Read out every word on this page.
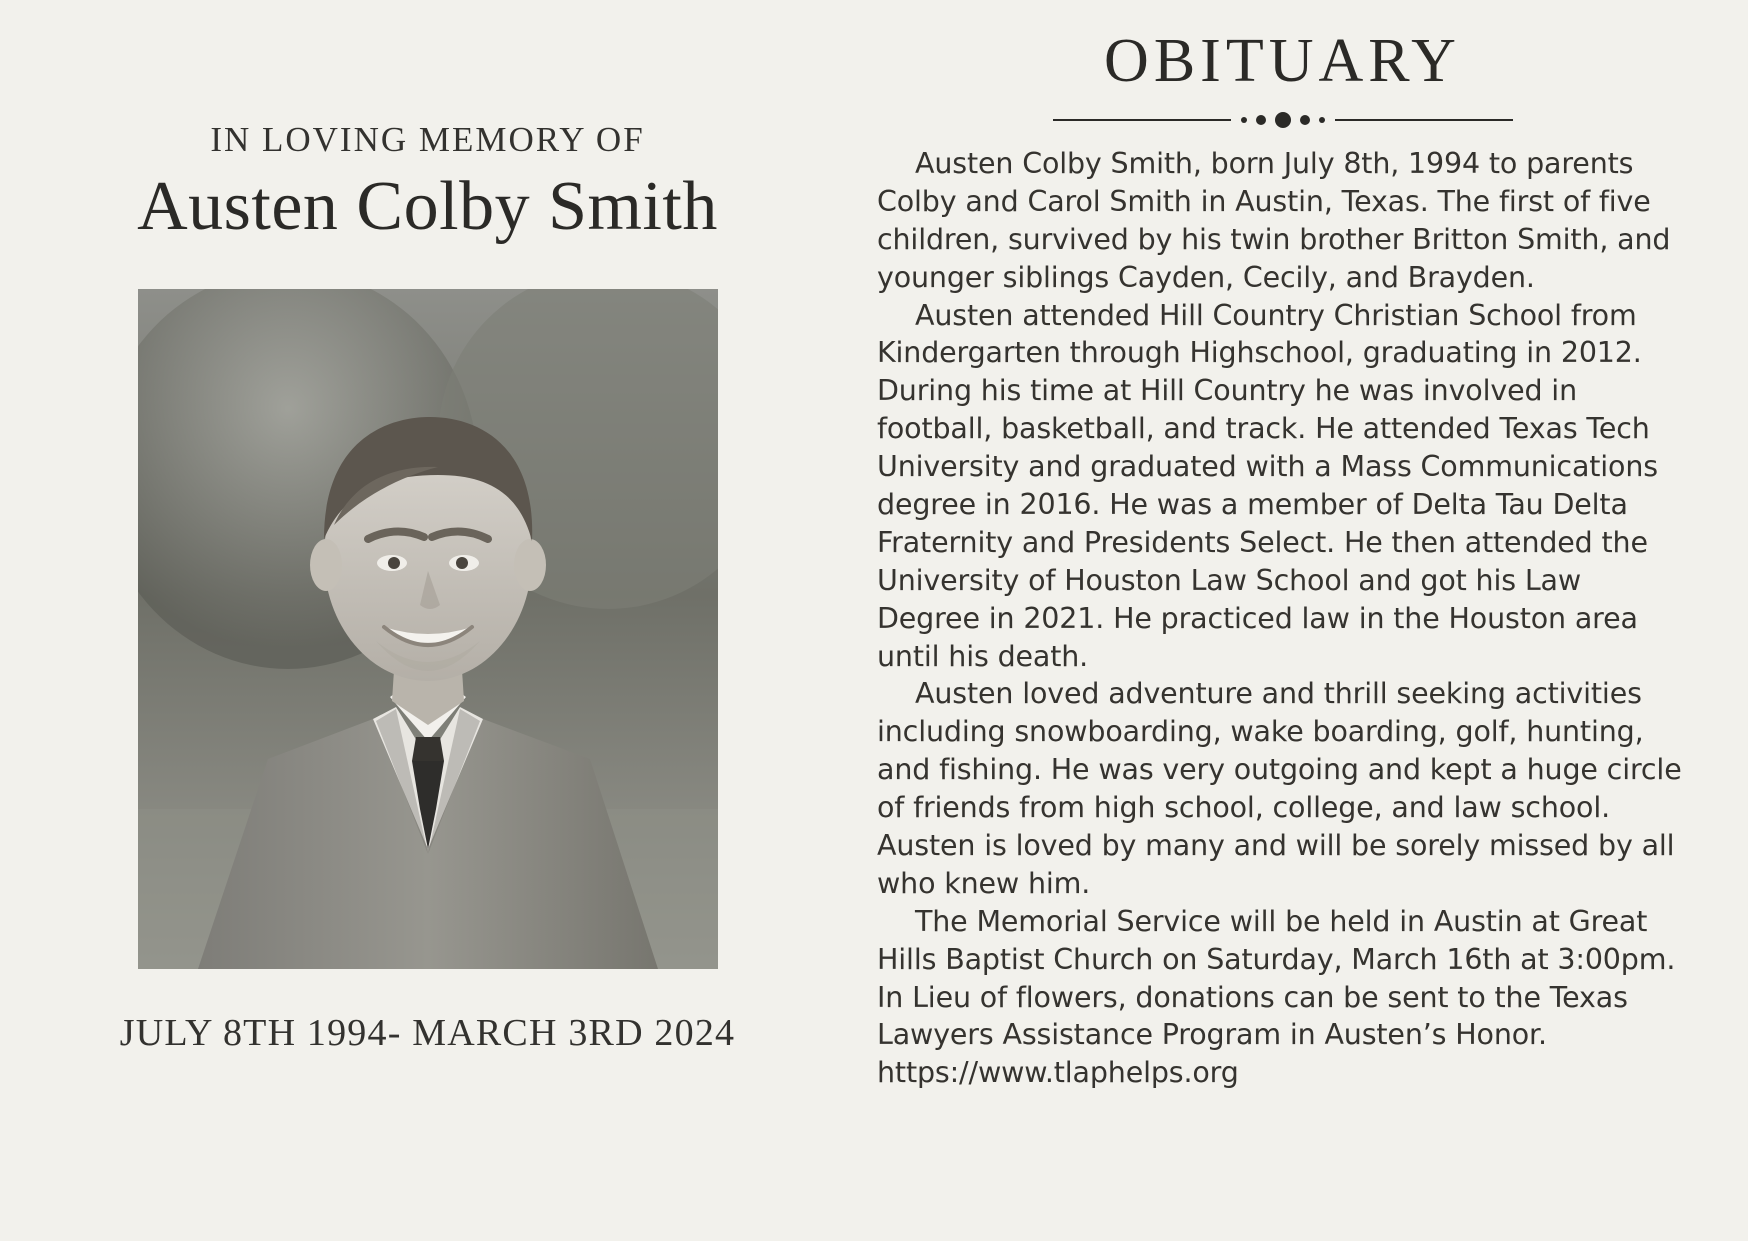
IN LOVING MEMORY OF
Austen Colby Smith
JULY 8TH 1994- MARCH 3RD 2024
OBITUARY

Austen Colby Smith, born July 8th, 1994 to parents Colby and Carol Smith in Austin, Texas. The first of five children, survived by his twin brother Britton Smith, and younger siblings Cayden, Cecily, and Brayden.

Austen attended Hill Country Christian School from Kindergarten through Highschool, graduating in 2012. During his time at Hill Country he was involved in football, basketball, and track. He attended Texas Tech University and graduated with a Mass Communications degree in 2016. He was a member of Delta Tau Delta Fraternity and Presidents Select. He then attended the University of Houston Law School and got his Law Degree in 2021. He practiced law in the Houston area until his death.

Austen loved adventure and thrill seeking activities including snowboarding, wake boarding, golf, hunting, and fishing. He was very outgoing and kept a huge circle of friends from high school, college, and law school. Austen is loved by many and will be sorely missed by all who knew him.

The Memorial Service will be held in Austin at Great Hills Baptist Church on Saturday, March 16th at 3:00pm. In Lieu of flowers, donations can be sent to the Texas Lawyers Assistance Program in Austen’s Honor. https://www.tlaphelps.org
